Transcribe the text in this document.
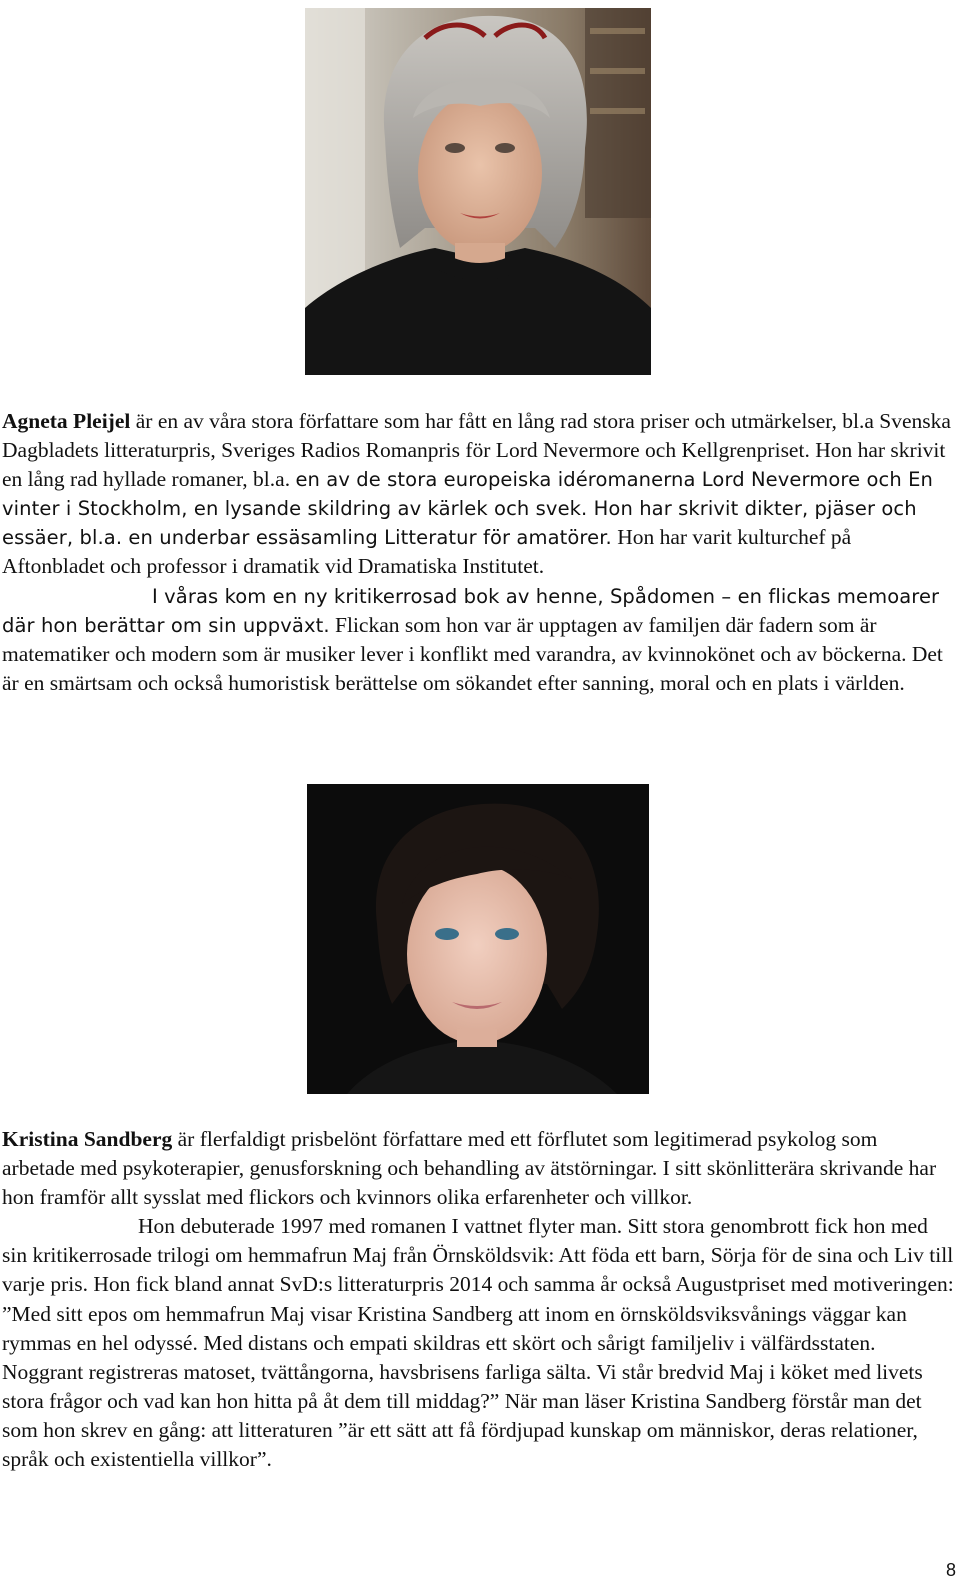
Agneta Pleijel är en av våra stora författare som har fått en lång rad stora priser och utmärkelser, bl.a Svenska Dagbladets litteraturpris, Sveriges Radios Romanpris för Lord Nevermore och Kellgrenpriset. Hon har skrivit en lång rad hyllade romaner, bl.a. en av de stora europeiska idéromanerna Lord Nevermore och En vinter i Stockholm, en lysande skildring av kärlek och svek. Hon har skrivit dikter, pjäser och essäer, bl.a. en underbar essäsamling Litteratur för amatörer. Hon har varit kulturchef på Aftonbladet och professor i dramatik vid Dramatiska Institutet.

I våras kom en ny kritikerrosad bok av henne, Spådomen – en flickas memoarer där hon berättar om sin uppväxt. Flickan som hon var är upptagen av familjen där fadern som är matematiker och modern som är musiker lever i konflikt med varandra, av kvinnokönet och av böckerna. Det är en smärtsam och också humoristisk berättelse om sökandet efter sanning, moral och en plats i världen.

Kristina Sandberg är flerfaldigt prisbelönt författare med ett förflutet som legitimerad psykolog som arbetade med psykoterapier, genusforskning och behandling av ätstörningar. I sitt skönlitterära skrivande har hon framför allt sysslat med flickors och kvinnors olika erfarenheter och villkor.

Hon debuterade 1997 med romanen I vattnet flyter man. Sitt stora genombrott fick hon med sin kritikerrosade trilogi om hemmafrun Maj från Örnsköldsvik: Att föda ett barn, Sörja för de sina och Liv till varje pris. Hon fick bland annat SvD:s litteraturpris 2014 och samma år också Augustpriset med motiveringen: ”Med sitt epos om hemmafrun Maj visar Kristina Sandberg att inom en örnsköldsviksvånings väggar kan rymmas en hel odyssé. Med distans och empati skildras ett skört och sårigt familjeliv i välfärdsstaten. Noggrant registreras matoset, tvättångorna, havsbrisens farliga sälta. Vi står bredvid Maj i köket med livets stora frågor och vad kan hon hitta på åt dem till middag?” När man läser Kristina Sandberg förstår man det som hon skrev en gång: att litteraturen ”är ett sätt att få fördjupad kunskap om människor, deras relationer, språk och existentiella villkor”.

8
